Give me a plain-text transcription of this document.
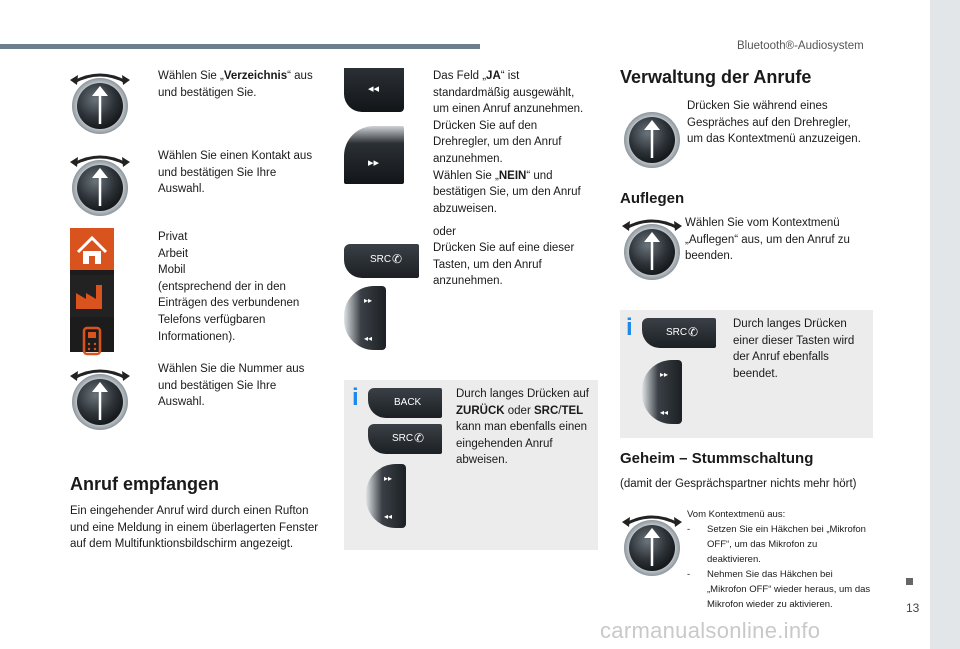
Bluetooth®-Audiosystem
Wählen Sie „Verzeichnis“ aus und bestätigen Sie.
Wählen Sie einen Kontakt aus und bestätigen Sie Ihre Auswahl.

Privat
Arbeit
Mobil
(entsprechend der in den Einträgen des verbundenen Telefons verfügbaren Informationen).
Wählen Sie die Nummer aus und bestätigen Sie Ihre Auswahl.
Anruf empfangen
Ein eingehender Anruf wird durch einen Rufton und eine Meldung in einem überlagerten Fenster auf dem Multifunktionsbildschirm angezeigt.
◂◂
▸▸
Das Feld „JA“ ist standardmäßig ausgewählt, um einen Anruf anzunehmen.
Drücken Sie auf den Drehregler, um den Anruf anzunehmen.
Wählen Sie „NEIN“ und bestätigen Sie, um den Anruf abzuweisen.
oder
SRC ✆
▸▸
◂◂
Drücken Sie auf eine dieser Tasten, um den Anruf anzunehmen.
i	BACK
SRC ✆
▸▸
◂◂
Durch langes Drücken auf ZURÜCK oder SRC/TEL kann man ebenfalls einen eingehenden Anruf abweisen.
Verwaltung der Anrufe
Drücken Sie während eines Gespräches auf den Drehregler, um das Kontextmenü anzuzeigen.
Auflegen
Wählen Sie vom Kontextmenü „Auflegen“ aus, um den Anruf zu beenden.
i	SRC ✆
▸▸
◂◂
Durch langes Drücken einer dieser Tasten wird der Anruf ebenfalls beendet.
Geheim – Stummschaltung
(damit der Gesprächspartner nichts mehr hört)
Vom Kontextmenü aus:
- Setzen Sie ein Häkchen bei „Mikrofon OFF“, um das Mikrofon zu deaktivieren.
- Nehmen Sie das Häkchen bei „Mikrofon OFF“ wieder heraus, um das Mikrofon wieder zu aktivieren.	13
carmanualsonline.info
